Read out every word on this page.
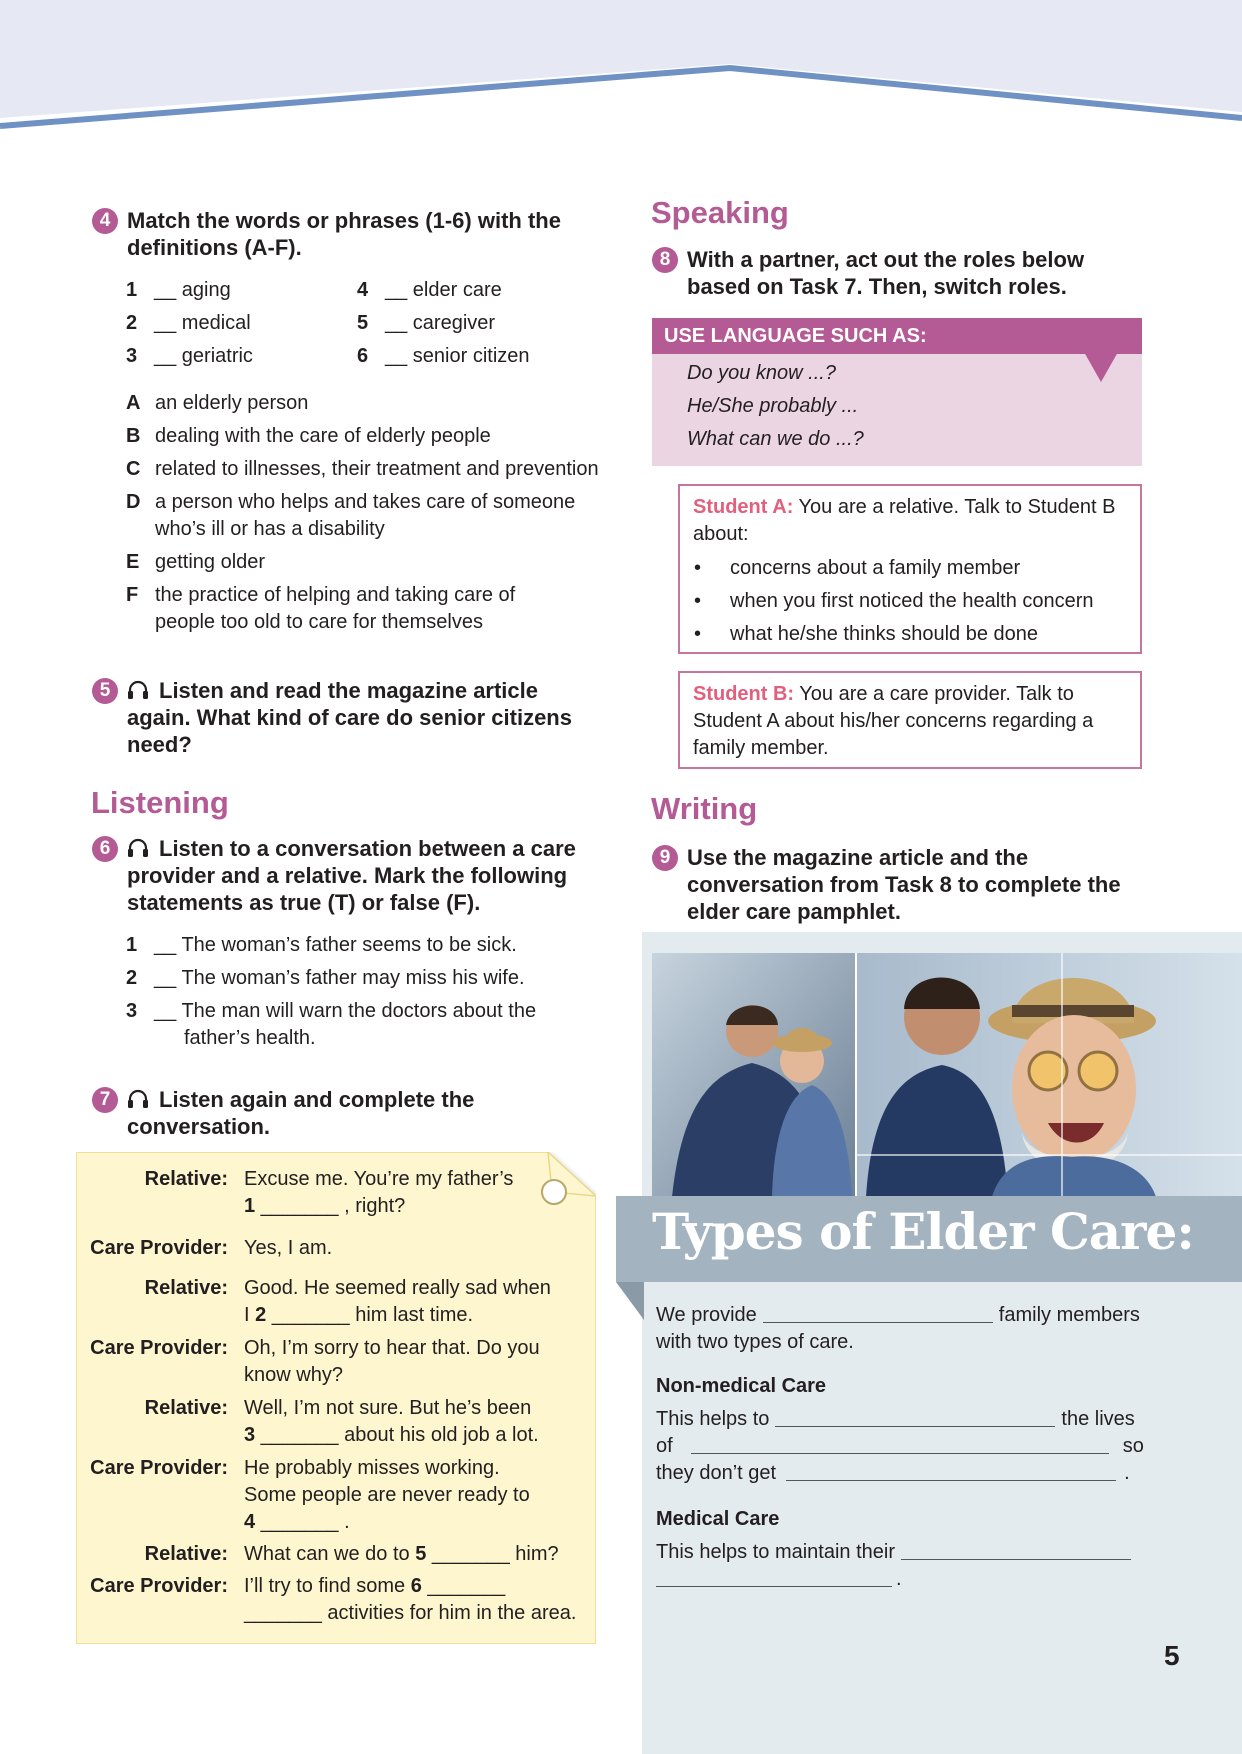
4 Match the words or phrases (1-6) with the
definitions (A-F).
1 __ aging
2 __ medical
3 __ geriatric
4 __ elder care
5 __ caregiver
6 __ senior citizen
A an elderly person
B dealing with the care of elderly people
C related to illnesses, their treatment and prevention
D a person who helps and takes care of someone
who’s ill or has a disability
E getting older
F the practice of helping and taking care of
people too old to care for themselves
5	Listen and read the magazine article
again. What kind of care do senior citizens
need?
Listening
6	Listen to a conversation between a care
provider and a relative. Mark the following
statements as true (T) or false (F).
1 __ The woman’s father seems to be sick.
2 __ The woman’s father may miss his wife.
3 __ The man will warn the doctors about the
father’s health.
7	Listen again and complete the
conversation.
Relative: Excuse me. You’re my father’s
1 _______ , right?
Care Provider: Yes, I am.
Relative: Good. He seemed really sad when
I 2 _______ him last time.
Care Provider: Oh, I’m sorry to hear that. Do you
know why?
Relative: Well, I’m not sure. But he’s been
3 _______ about his old job a lot.
Care Provider: He probably misses working.
Some people are never ready to
4 _______ .
Relative: What can we do to 5 _______ him?
Care Provider: I’ll try to find some 6 _______
_______ activities for him in the area.
Speaking
8 With a partner, act out the roles below
based on Task 7. Then, switch roles.
USE LANGUAGE SUCH AS:
Do you know ...?
He/She probably ...
What can we do ...?
Student A: You are a relative. Talk to Student B
about:
• concerns about a family member
• when you first noticed the health concern
• what he/she thinks should be done
Student B: You are a care provider. Talk to
Student A about his/her concerns regarding a
family member.
Writing
9 Use the magazine article and the
conversation from Task 8 to complete the
elder care pamphlet.
Types of Elder Care:
We provide	family members
with two types of care.
Non-medical Care
This helps to	the lives
of	so
they don’t get	.
Medical Care
This helps to maintain their
.
5
